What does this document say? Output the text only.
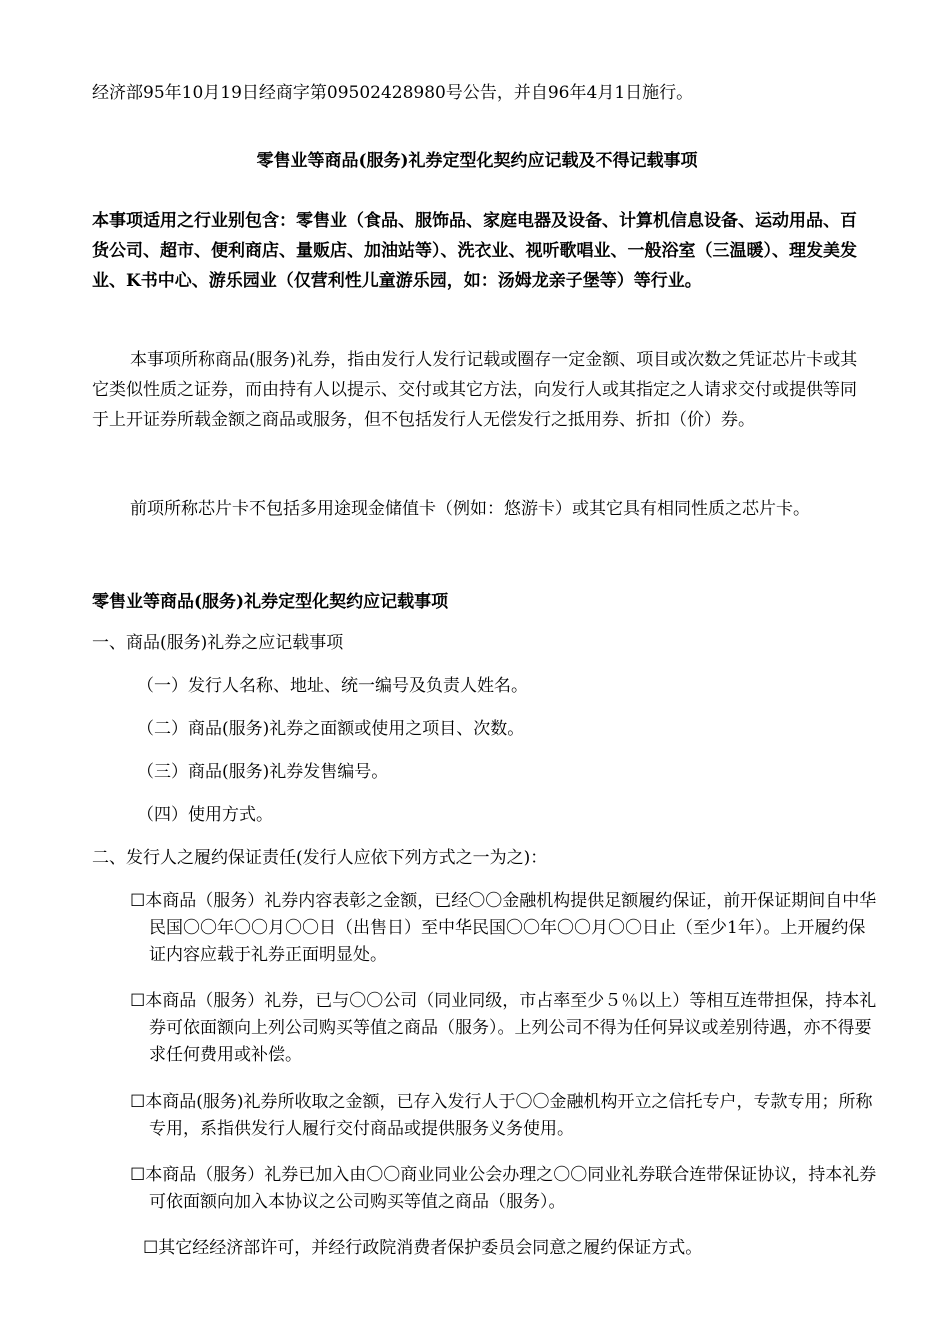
经济部95年10月19日经商字第09502428980号公告，并自96年4月1日施行。

零售业等商品(服务)礼券定型化契约应记载及不得记载事项

本事项适用之行业别包含：零售业（食品、服饰品、家庭电器及设备、计算机信息设备、运动用品、百货公司、超市、便利商店、量贩店、加油站等）、洗衣业、视听歌唱业、一般浴室（三温暖）、理发美发业、K书中心、游乐园业（仅营利性儿童游乐园，如：汤姆龙亲子堡等）等行业。

本事项所称商品(服务)礼券，指由发行人发行记载或圈存一定金额、项目或次数之凭证芯片卡或其它类似性质之证券，而由持有人以提示、交付或其它方法，向发行人或其指定之人请求交付或提供等同于上开证券所载金额之商品或服务，但不包括发行人无偿发行之抵用券、折扣（价）券。

前项所称芯片卡不包括多用途现金储值卡（例如：悠游卡）或其它具有相同性质之芯片卡。

零售业等商品(服务)礼券定型化契约应记载事项

一、商品(服务)礼券之应记载事项

（一）发行人名称、地址、统一编号及负责人姓名。

（二）商品(服务)礼券之面额或使用之项目、次数。

（三）商品(服务)礼券发售编号。

（四）使用方式。

二、发行人之履约保证责任(发行人应依下列方式之一为之)：

☐本商品（服务）礼券内容表彰之金额，已经〇〇金融机构提供足额履约保证，前开保证期间自中华民国〇〇年〇〇月〇〇日（出售日）至中华民国〇〇年〇〇月〇〇日止（至少1年）。上开履约保证内容应载于礼券正面明显处。

☐本商品（服务）礼券，已与〇〇公司（同业同级，市占率至少５％以上）等相互连带担保，持本礼券可依面额向上列公司购买等值之商品（服务）。上列公司不得为任何异议或差别待遇，亦不得要求任何费用或补偿。

☐本商品(服务)礼券所收取之金额，已存入发行人于〇〇金融机构开立之信托专户，专款专用；所称专用，系指供发行人履行交付商品或提供服务义务使用。

☐本商品（服务）礼券已加入由〇〇商业同业公会办理之〇〇同业礼券联合连带保证协议，持本礼券可依面额向加入本协议之公司购买等值之商品（服务）。

☐其它经经济部许可，并经行政院消费者保护委员会同意之履约保证方式。
